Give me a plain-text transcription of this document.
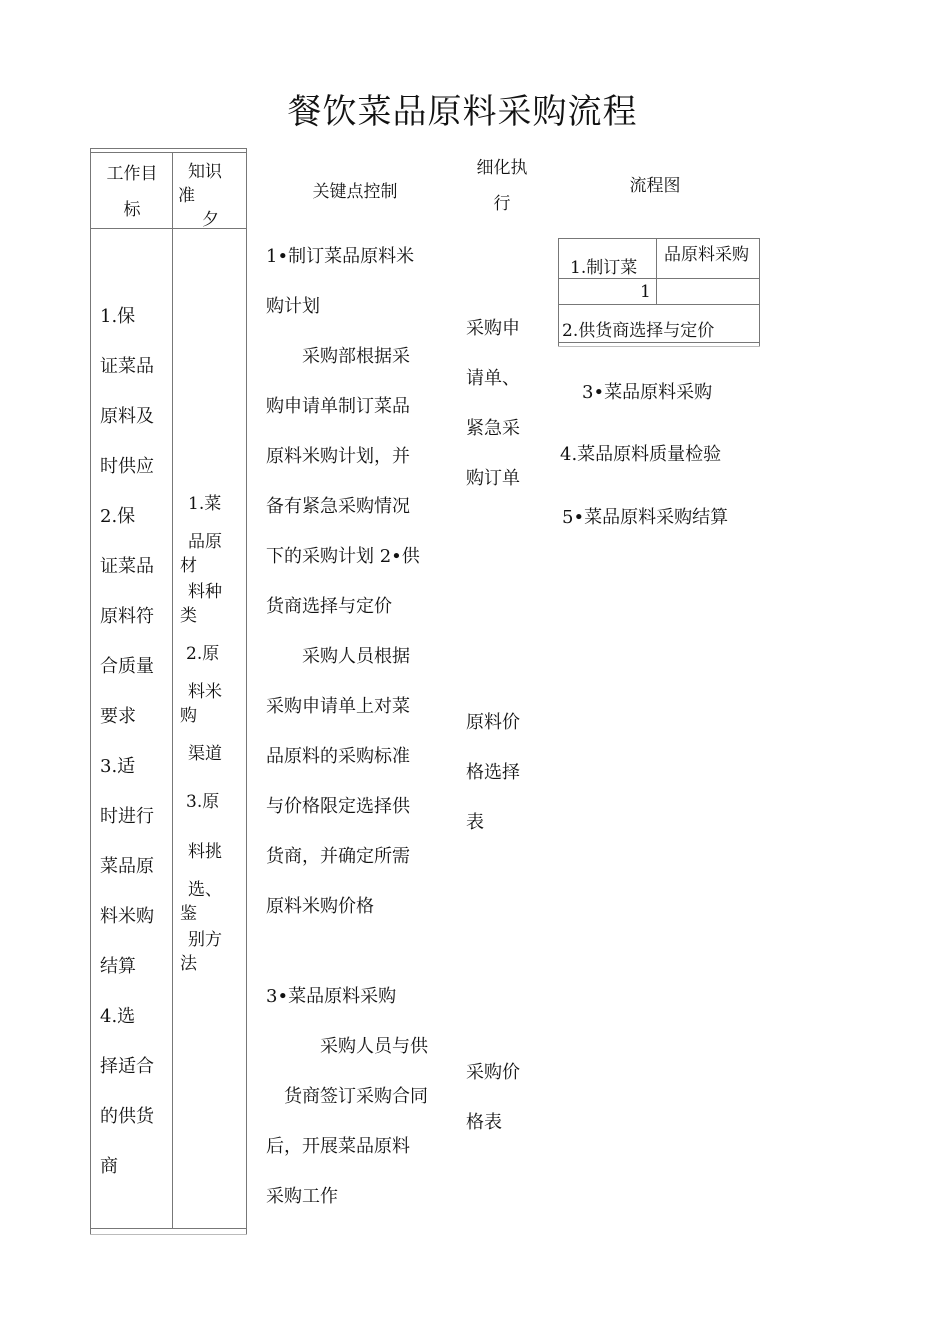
餐饮菜品原料采购流程
工作目
标
知识
准
夕
关键点控制
细化执
行
流程图
1.保
证菜品
原料及
时供应
2.保
证菜品
原料符
合质量
要求
3.适
时进行
菜品原
料米购
结算
4.选
择适合
的供货
商
1.菜
品原
材
料种
类
2.原
料米
购
渠道
3.原
料挑
选、
鉴
别方
法
1•制订菜品原料米
购计划
　　采购部根据采
购申请单制订菜品
原料米购计划，并
备有紧急采购情况
下的采购计划 2•供
货商选择与定价
　　采购人员根据
采购申请单上对菜
品原料的采购标准
与价格限定选择供
货商，并确定所需
原料米购价格
3•菜品原料采购
　　　采购人员与供
　货商签订采购合同
后，开展菜品原料
采购工作
采购申
请单、
紧急采
购订单
原料价
格选择
表
采购价
格表
1.制订菜
品原料采购
1
2.供货商选择与定价
3•菜品原料采购
4.菜品原料质量检验
5•菜品原料采购结算
